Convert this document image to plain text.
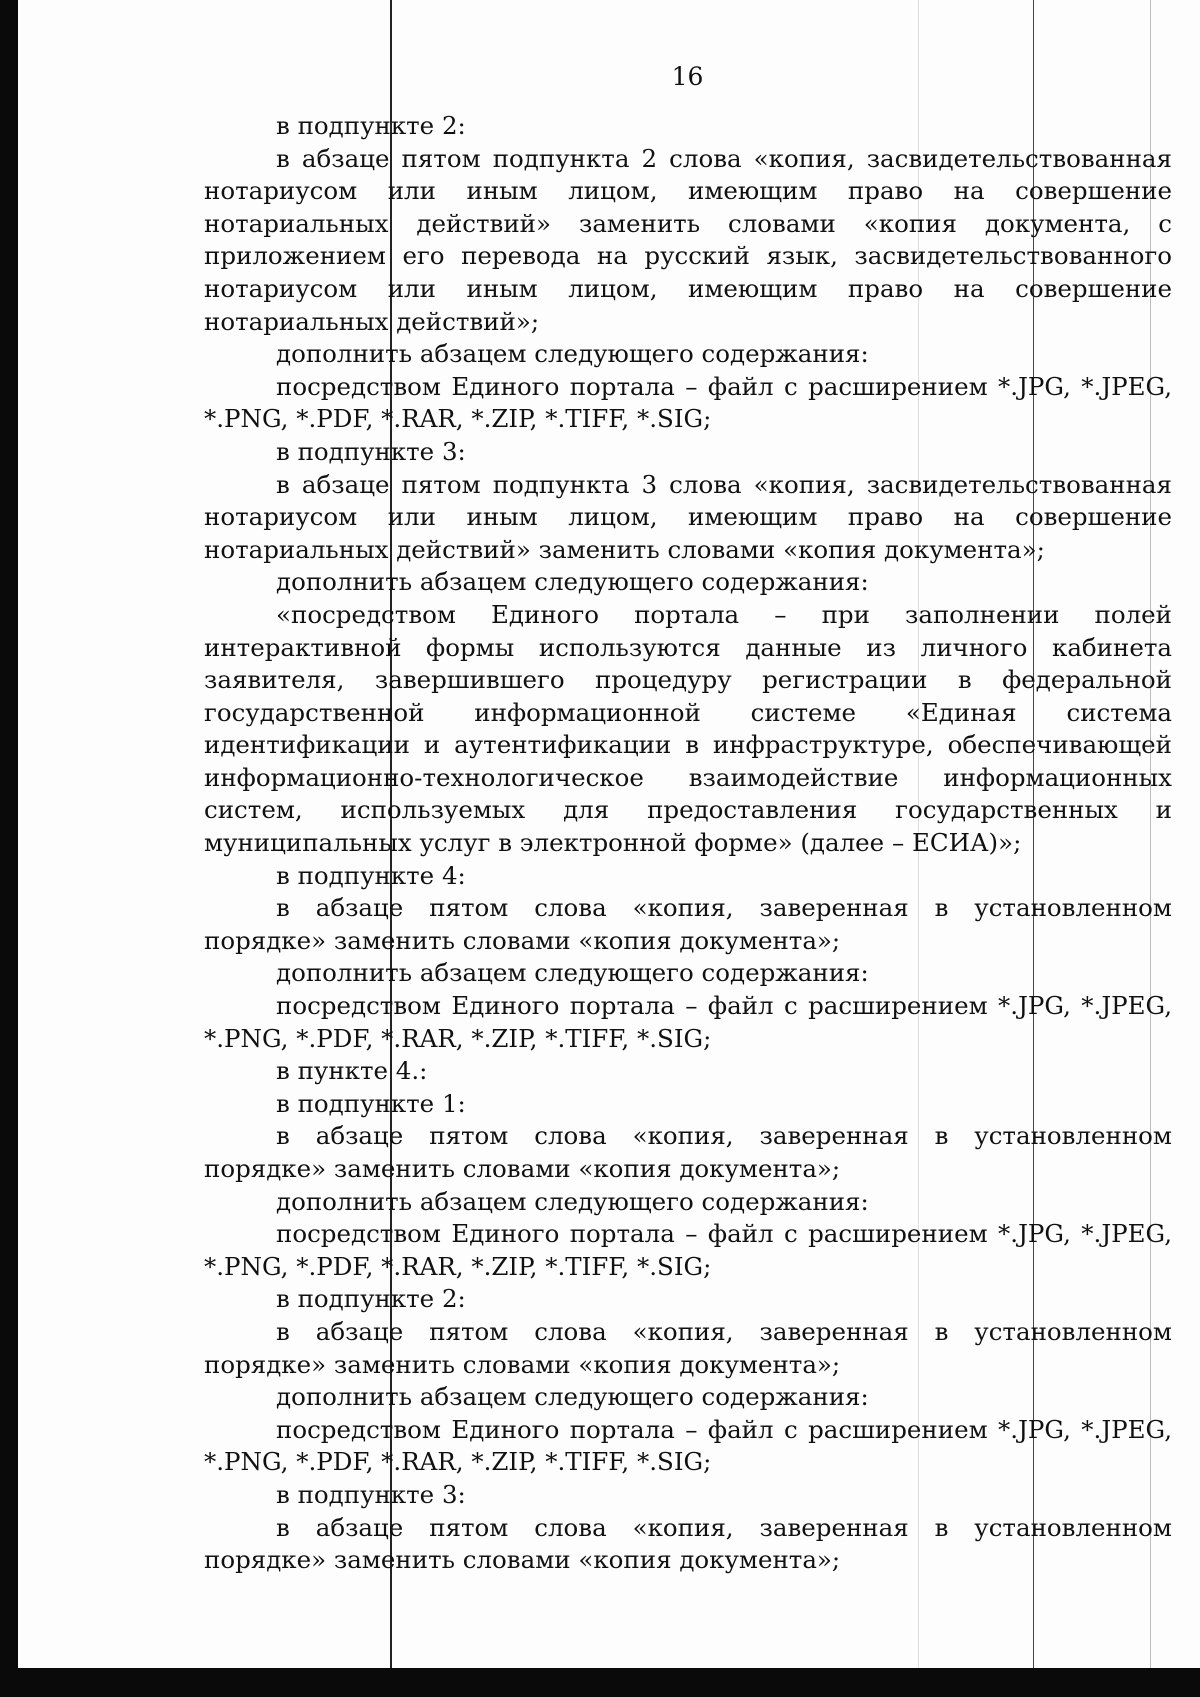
16

в подпункте 2:

в абзаце пятом подпункта 2 слова «копия, засвидетельствованная нотариусом или иным лицом, имеющим право на совершение нотариальных действий» заменить словами «копия документа, с приложением его перевода на русский язык, засвидетельствованного нотариусом или иным лицом, имеющим право на совершение нотариальных действий»;

дополнить абзацем следующего содержания:

посредством Единого портала – файл с расширением *.JPG, *.JPEG, *.PNG, *.PDF, *.RAR, *.ZIP, *.TIFF, *.SIG;

в подпункте 3:

в абзаце пятом подпункта 3 слова «копия, засвидетельствованная нотариусом или иным лицом, имеющим право на совершение нотариальных действий» заменить словами «копия документа»;

дополнить абзацем следующего содержания:

«посредством Единого портала – при заполнении полей интерактивной формы используются данные из личного кабинета заявителя, завершившего процедуру регистрации в федеральной государственной информационной системе «Единая система идентификации и аутентификации в инфраструктуре, обеспечивающей информационно-технологическое взаимодействие информационных систем, используемых для предоставления государственных и муниципальных услуг в электронной форме» (далее – ЕСИА)»;

в подпункте 4:

в абзаце пятом слова «копия, заверенная в установленном порядке» заменить словами «копия документа»;

дополнить абзацем следующего содержания:

посредством Единого портала – файл с расширением *.JPG, *.JPEG, *.PNG, *.PDF, *.RAR, *.ZIP, *.TIFF, *.SIG;

в пункте 4.:

в подпункте 1:

в абзаце пятом слова «копия, заверенная в установленном порядке» заменить словами «копия документа»;

дополнить абзацем следующего содержания:

посредством Единого портала – файл с расширением *.JPG, *.JPEG, *.PNG, *.PDF, *.RAR, *.ZIP, *.TIFF, *.SIG;

в подпункте 2:

в абзаце пятом слова «копия, заверенная в установленном порядке» заменить словами «копия документа»;

дополнить абзацем следующего содержания:

посредством Единого портала – файл с расширением *.JPG, *.JPEG, *.PNG, *.PDF, *.RAR, *.ZIP, *.TIFF, *.SIG;

в подпункте 3:

в абзаце пятом слова «копия, заверенная в установленном порядке» заменить словами «копия документа»;
